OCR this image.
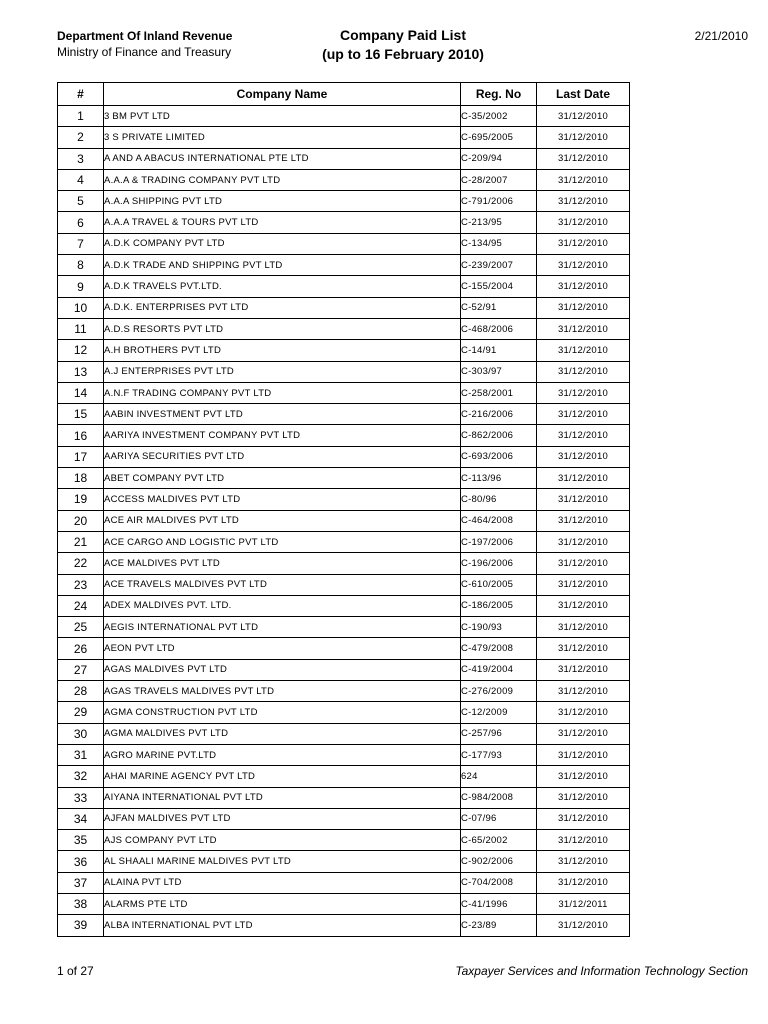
Department Of Inland Revenue
Ministry of Finance and Treasury
Company Paid List
(up to 16 February 2010)
2/21/2010
#	Company Name	Reg. No	Last Date
1	3 BM PVT LTD	C-35/2002	31/12/2010
2	3 S PRIVATE LIMITED	C-695/2005	31/12/2010
3	A AND A ABACUS INTERNATIONAL PTE LTD	C-209/94	31/12/2010
4	A.A.A & TRADING COMPANY PVT LTD	C-28/2007	31/12/2010
5	A.A.A SHIPPING PVT LTD	C-791/2006	31/12/2010
6	A.A.A TRAVEL & TOURS PVT LTD	C-213/95	31/12/2010
7	A.D.K COMPANY PVT LTD	C-134/95	31/12/2010
8	A.D.K TRADE AND SHIPPING PVT LTD	C-239/2007	31/12/2010
9	A.D.K TRAVELS PVT.LTD.	C-155/2004	31/12/2010
10	A.D.K. ENTERPRISES PVT LTD	C-52/91	31/12/2010
11	A.D.S RESORTS PVT LTD	C-468/2006	31/12/2010
12	A.H BROTHERS PVT LTD	C-14/91	31/12/2010
13	A.J ENTERPRISES PVT LTD	C-303/97	31/12/2010
14	A.N.F TRADING COMPANY PVT LTD	C-258/2001	31/12/2010
15	AABIN INVESTMENT PVT LTD	C-216/2006	31/12/2010
16	AARIYA INVESTMENT COMPANY PVT LTD	C-862/2006	31/12/2010
17	AARIYA SECURITIES PVT LTD	C-693/2006	31/12/2010
18	ABET COMPANY PVT LTD	C-113/96	31/12/2010
19	ACCESS MALDIVES PVT LTD	C-80/96	31/12/2010
20	ACE AIR MALDIVES PVT LTD	C-464/2008	31/12/2010
21	ACE CARGO AND LOGISTIC PVT LTD	C-197/2006	31/12/2010
22	ACE MALDIVES PVT LTD	C-196/2006	31/12/2010
23	ACE TRAVELS MALDIVES PVT LTD	C-610/2005	31/12/2010
24	ADEX MALDIVES PVT. LTD.	C-186/2005	31/12/2010
25	AEGIS INTERNATIONAL PVT LTD	C-190/93	31/12/2010
26	AEON PVT LTD	C-479/2008	31/12/2010
27	AGAS MALDIVES PVT LTD	C-419/2004	31/12/2010
28	AGAS TRAVELS MALDIVES PVT LTD	C-276/2009	31/12/2010
29	AGMA CONSTRUCTION PVT LTD	C-12/2009	31/12/2010
30	AGMA MALDIVES PVT LTD	C-257/96	31/12/2010
31	AGRO MARINE PVT.LTD	C-177/93	31/12/2010
32	AHAI MARINE AGENCY PVT LTD	624	31/12/2010
33	AIYANA INTERNATIONAL PVT LTD	C-984/2008	31/12/2010
34	AJFAN MALDIVES PVT LTD	C-07/96	31/12/2010
35	AJS COMPANY PVT LTD	C-65/2002	31/12/2010
36	AL SHAALI MARINE MALDIVES PVT LTD	C-902/2006	31/12/2010
37	ALAINA PVT LTD	C-704/2008	31/12/2010
38	ALARMS PTE LTD	C-41/1996	31/12/2011
39	ALBA INTERNATIONAL PVT LTD	C-23/89	31/12/2010
1 of 27	Taxpayer Services and Information Technology Section
